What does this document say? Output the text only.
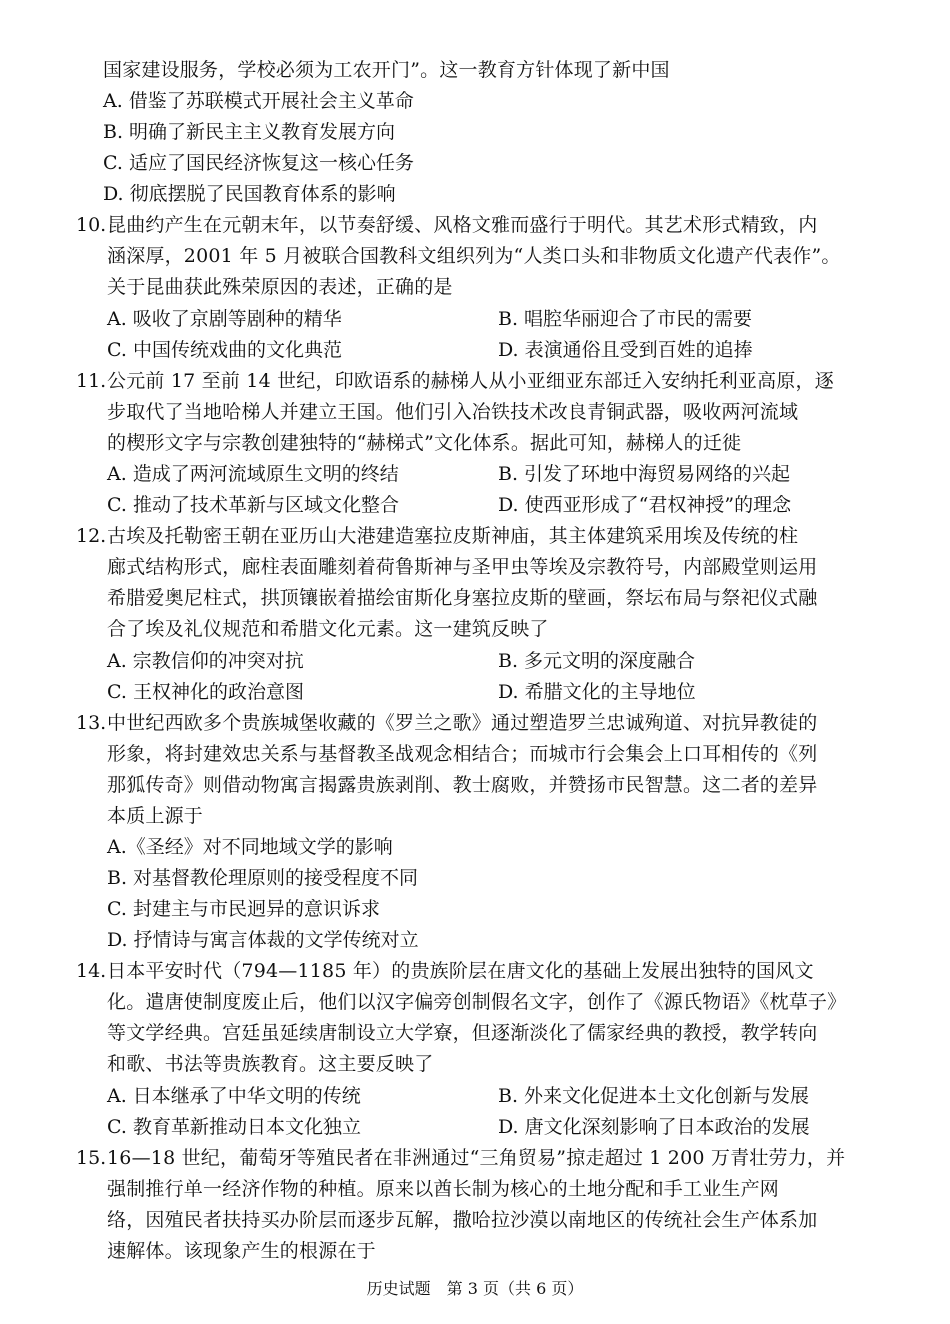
国家建设服务，学校必须为工农开门”。这一教育方针体现了新中国
A. 借鉴了苏联模式开展社会主义革命
B. 明确了新民主主义教育发展方向
C. 适应了国民经济恢复这一核心任务
D. 彻底摆脱了民国教育体系的影响
10. 昆曲约产生在元朝末年，以节奏舒缓、风格文雅而盛行于明代。其艺术形式精致，内
涵深厚，2001 年 5 月被联合国教科文组织列为“人类口头和非物质文化遗产代表作”。
关于昆曲获此殊荣原因的表述，正确的是
A. 吸收了京剧等剧种的精华	B. 唱腔华丽迎合了市民的需要
C. 中国传统戏曲的文化典范	D. 表演通俗且受到百姓的追捧
11. 公元前 17 至前 14 世纪，印欧语系的赫梯人从小亚细亚东部迁入安纳托利亚高原，逐
步取代了当地哈梯人并建立王国。他们引入冶铁技术改良青铜武器，吸收两河流域
的楔形文字与宗教创建独特的“赫梯式”文化体系。据此可知，赫梯人的迁徙
A. 造成了两河流域原生文明的终结	B. 引发了环地中海贸易网络的兴起
C. 推动了技术革新与区域文化整合	D. 使西亚形成了“君权神授”的理念
12. 古埃及托勒密王朝在亚历山大港建造塞拉皮斯神庙，其主体建筑采用埃及传统的柱
廊式结构形式，廊柱表面雕刻着荷鲁斯神与圣甲虫等埃及宗教符号，内部殿堂则运用
希腊爱奥尼柱式，拱顶镶嵌着描绘宙斯化身塞拉皮斯的壁画，祭坛布局与祭祀仪式融
合了埃及礼仪规范和希腊文化元素。这一建筑反映了
A. 宗教信仰的冲突对抗	B. 多元文明的深度融合
C. 王权神化的政治意图	D. 希腊文化的主导地位
13. 中世纪西欧多个贵族城堡收藏的《罗兰之歌》通过塑造罗兰忠诚殉道、对抗异教徒的
形象，将封建效忠关系与基督教圣战观念相结合；而城市行会集会上口耳相传的《列
那狐传奇》则借动物寓言揭露贵族剥削、教士腐败，并赞扬市民智慧。这二者的差异
本质上源于
A.《圣经》对不同地域文学的影响
B. 对基督教伦理原则的接受程度不同
C. 封建主与市民迥异的意识诉求
D. 抒情诗与寓言体裁的文学传统对立
14. 日本平安时代（794—1185 年）的贵族阶层在唐文化的基础上发展出独特的国风文
化。遣唐使制度废止后，他们以汉字偏旁创制假名文字，创作了《源氏物语》《枕草子》
等文学经典。宫廷虽延续唐制设立大学寮，但逐渐淡化了儒家经典的教授，教学转向
和歌、书法等贵族教育。这主要反映了
A. 日本继承了中华文明的传统	B. 外来文化促进本土文化创新与发展
C. 教育革新推动日本文化独立	D. 唐文化深刻影响了日本政治的发展
15. 16—18 世纪，葡萄牙等殖民者在非洲通过“三角贸易”掠走超过 1 200 万青壮劳力，并
强制推行单一经济作物的种植。原来以酋长制为核心的土地分配和手工业生产网
络，因殖民者扶持买办阶层而逐步瓦解，撒哈拉沙漠以南地区的传统社会生产体系加
速解体。该现象产生的根源在于
历史试题　第 3 页（共 6 页）
